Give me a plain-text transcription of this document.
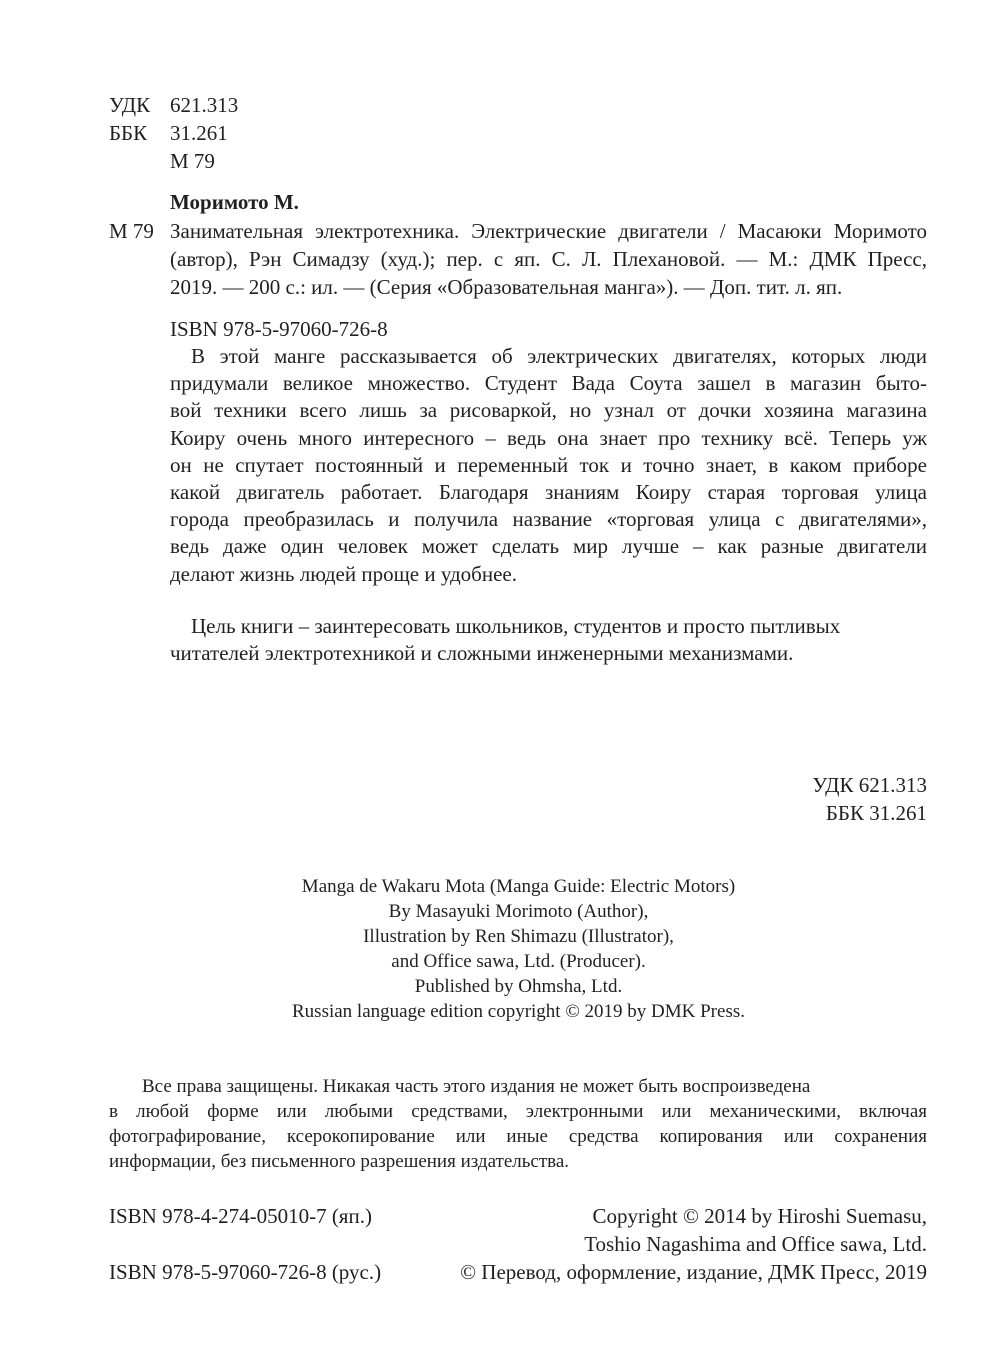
УДК 621.313
ББК 31.261
М 79
Моримото М.
М 79 Занимательная электротехника. Электрические двигатели / Масаюки Моримото
(автор), Рэн Симадзу (худ.); пер. с яп. С. Л. Плехановой. — М.: ДМК Пресс,
2019. — 200 с.: ил. — (Серия «Образовательная манга»). — Доп. тит. л. яп.
ISBN 978-5-97060-726-8
В этой манге рассказывается об электрических двигателях, которых люди
придумали великое множество. Студент Вада Соута зашел в магазин быто-
вой техники всего лишь за рисоваркой, но узнал от дочки хозяина магазина
Коиру очень много интересного – ведь она знает про технику всё. Теперь уж
он не спутает постоянный и переменный ток и точно знает, в каком приборе
какой двигатель работает. Благодаря знаниям Коиру старая торговая улица
города преобразилась и получила название «торговая улица с двигателями»,
ведь даже один человек может сделать мир лучше – как разные двигатели
делают жизнь людей проще и удобнее.
Цель книги – заинтересовать школьников, студентов и просто пытливых
читателей электротехникой и сложными инженерными механизмами.
УДК 621.313
ББК 31.261
Manga de Wakaru Mota (Manga Guide: Electric Motors)
By Masayuki Morimoto (Author),
Illustration by Ren Shimazu (Illustrator),
and Office sawa, Ltd. (Producer).
Published by Ohmsha, Ltd.
Russian language edition copyright © 2019 by DMK Press.
Все права защищены. Никакая часть этого издания не может быть воспроизведена
в любой форме или любыми средствами, электронными или механическими, включая
фотографирование, ксерокопирование или иные средства копирования или сохранения
информации, без письменного разрешения издательства.
ISBN 978-4-274-05010-7 (яп.)
ISBN 978-5-97060-726-8 (рус.)
Copyright © 2014 by Hiroshi Suemasu,
Toshio Nagashima and Office sawa, Ltd.
© Перевод, оформление, издание, ДМК Пресс, 2019
